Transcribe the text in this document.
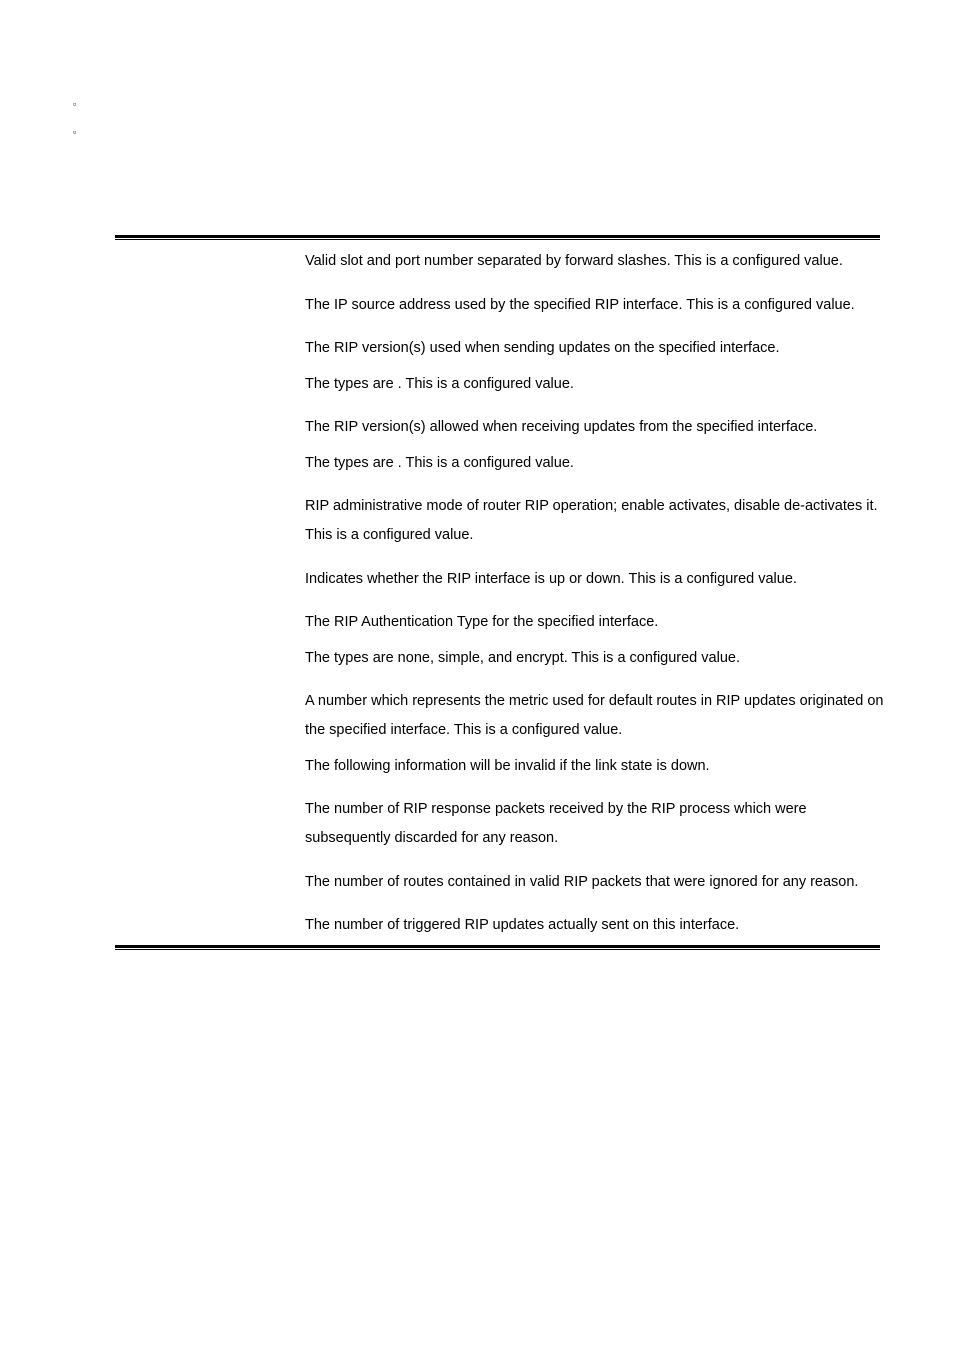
▫
▫
Valid slot and port number separated by forward slashes. This is a configured value.
The IP source address used by the specified RIP interface. This is a configured value.
The RIP version(s) used when sending updates on the specified interface.
The types are . This is a configured value.
The RIP version(s) allowed when receiving updates from the specified interface.
The types are . This is a configured value.
RIP administrative mode of router RIP operation; enable activates, disable de-activates it.
This is a configured value.
Indicates whether the RIP interface is up or down. This is a configured value.
The RIP Authentication Type for the specified interface.
The types are none, simple, and encrypt. This is a configured value.
A number which represents the metric used for default routes in RIP updates originated on
the specified interface. This is a configured value.
The following information will be invalid if the link state is down.
The number of RIP response packets received by the RIP process which were
subsequently discarded for any reason.
The number of routes contained in valid RIP packets that were ignored for any reason.
The number of triggered RIP updates actually sent on this interface.
